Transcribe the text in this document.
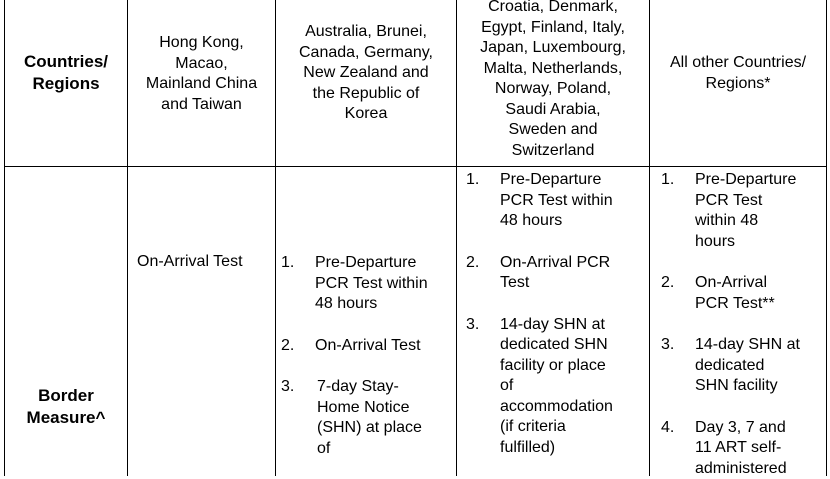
Countries/
Regions
Hong Kong,
Macao,
Mainland China
and Taiwan
Australia, Brunei,
Canada, Germany,
New Zealand and
the Republic of
Korea
Croatia, Denmark,
Egypt, Finland, Italy,
Japan, Luxembourg,
Malta, Netherlands,
Norway, Poland,
Saudi Arabia,
Sweden and
Switzerland
All other Countries/
Regions*
Border
Measure^
On-Arrival Test 1. Pre-Departure
PCR Test within
48 hours
2. On-Arrival Test
3. 7-day Stay-
Home Notice
(SHN) at place
of
1. Pre-Departure
PCR Test within
48 hours
2. On-Arrival PCR
Test
3. 14-day SHN at
dedicated SHN
facility or place
of
accommodation
(if criteria
fulfilled)
1. Pre-Departure
PCR Test
within 48
hours
2. On-Arrival
PCR Test**
3. 14-day SHN at
dedicated
SHN facility
4. Day 3, 7 and
11 ART self-
administered
